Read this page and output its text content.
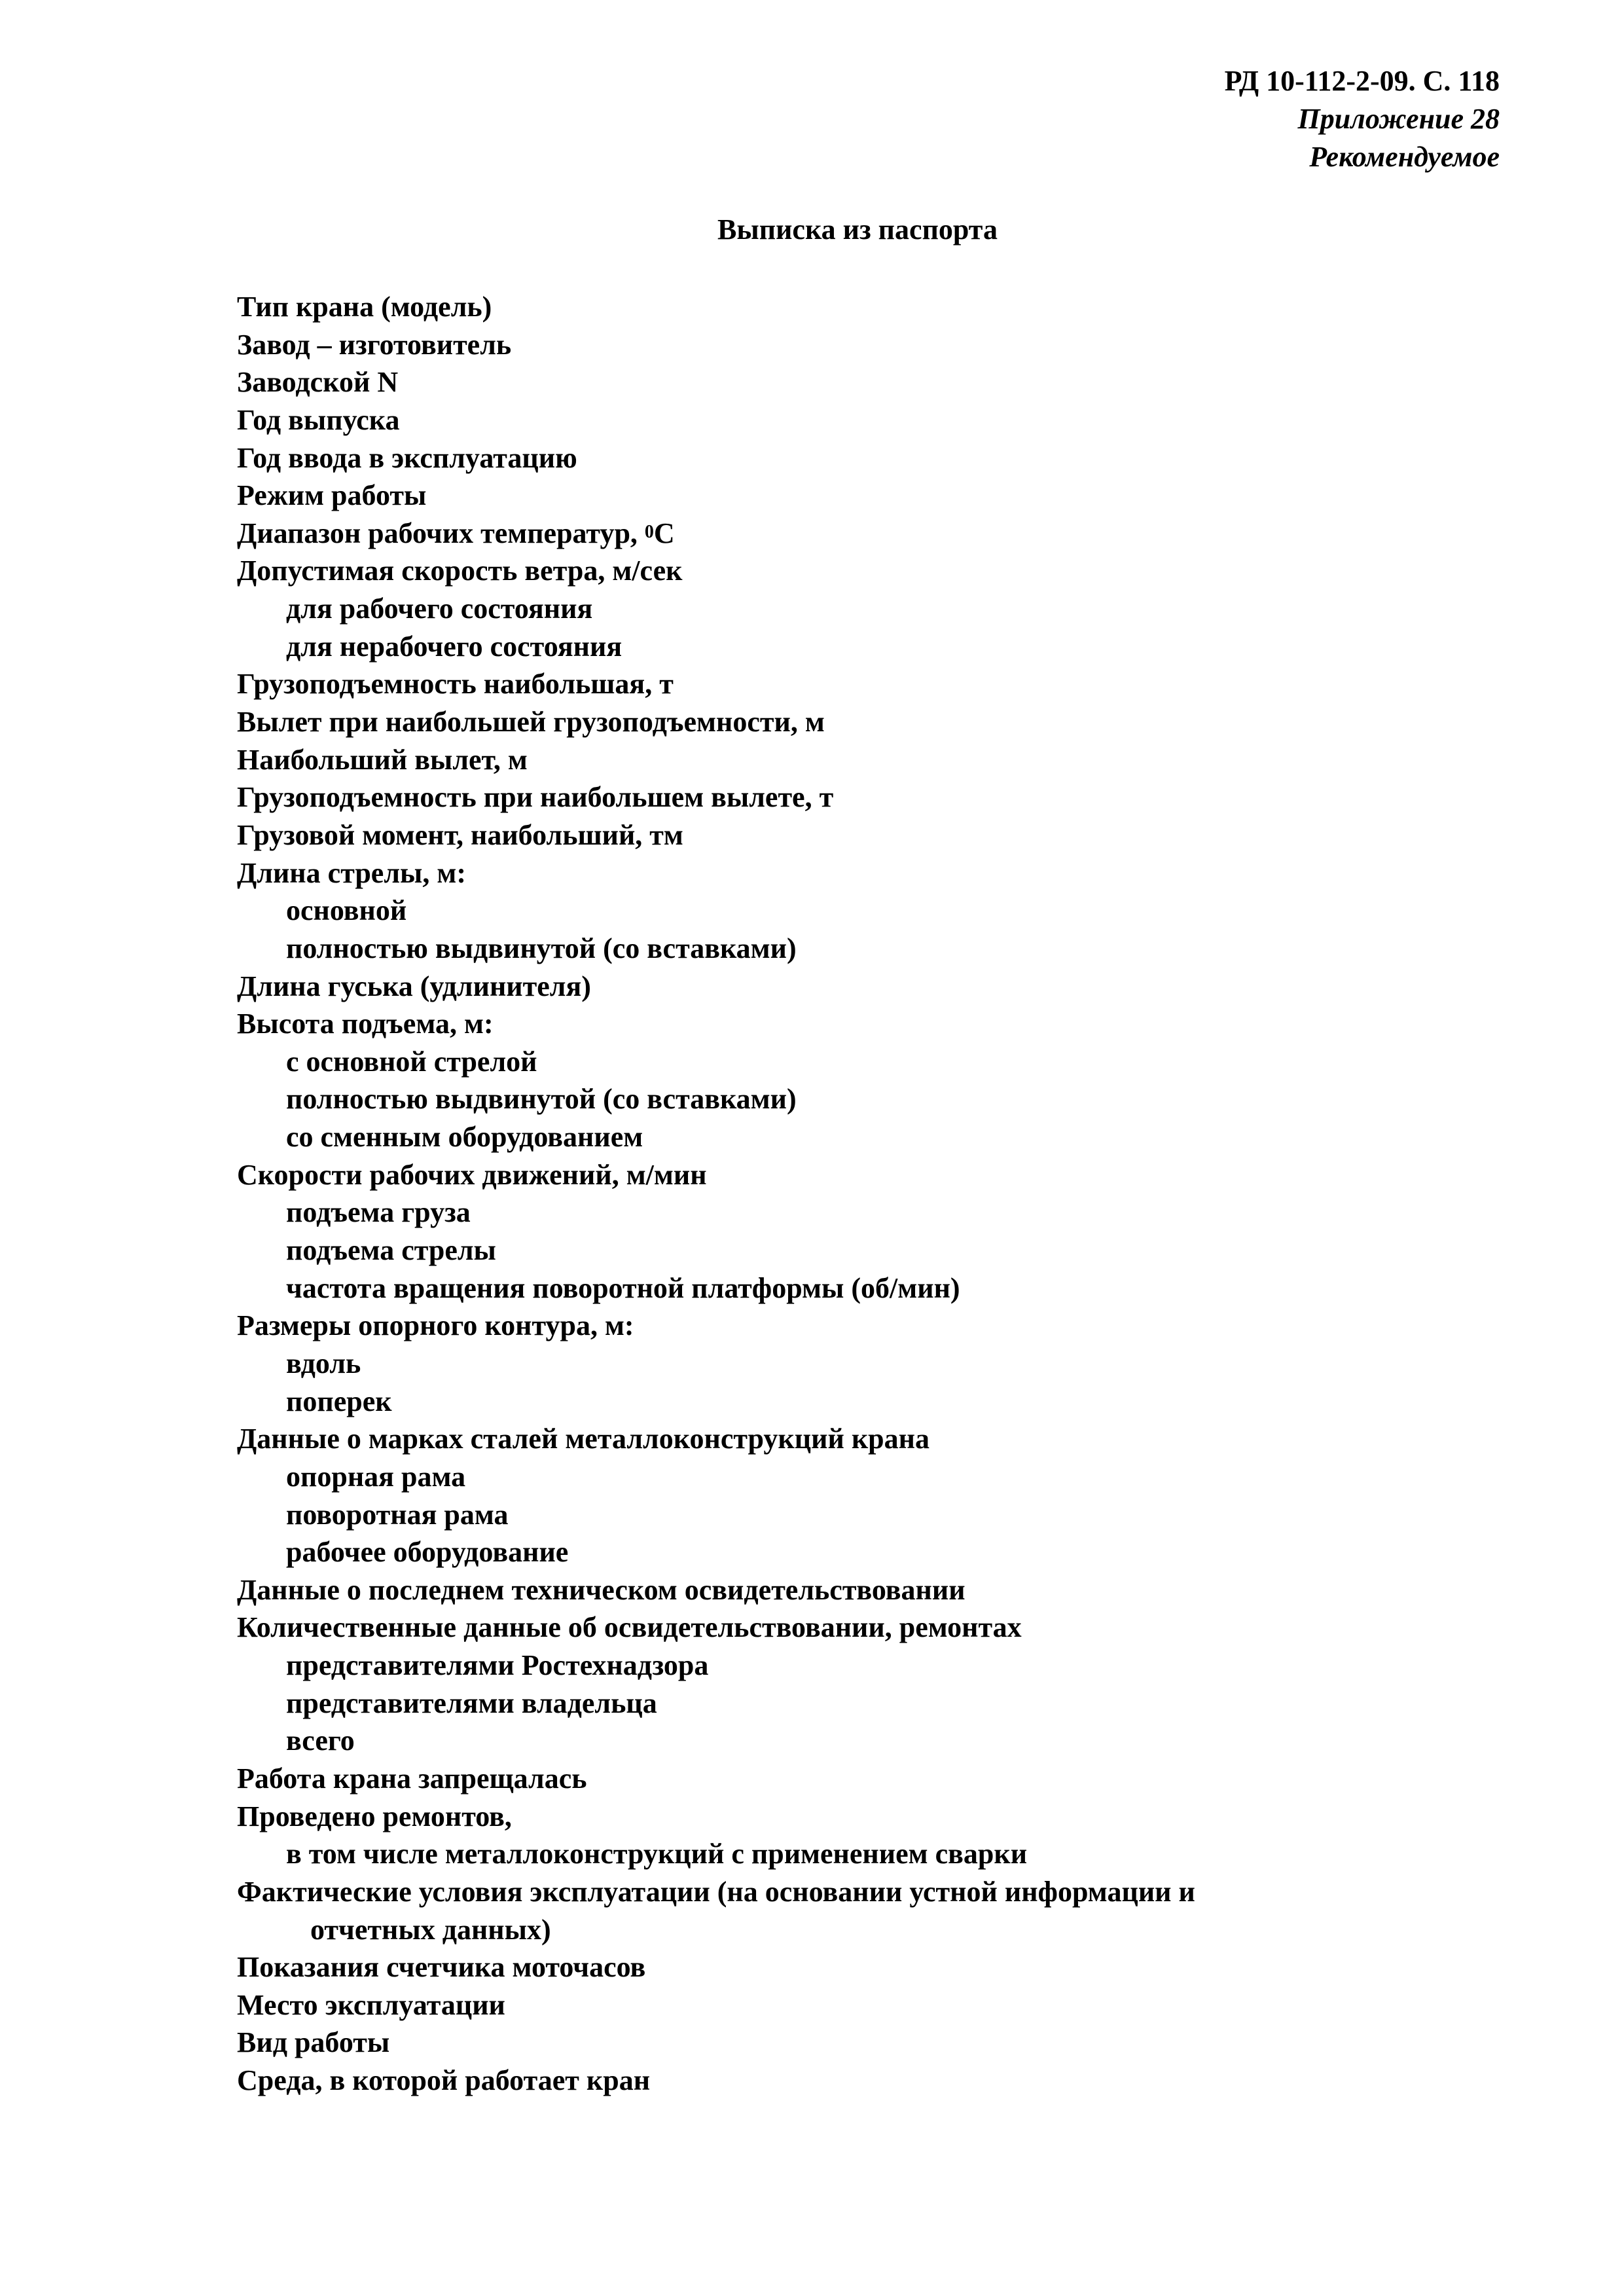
РД 10-112-2-09. С. 118
Приложение 28
Рекомендуемое
Выписка из паспорта
Тип крана (модель)
Завод – изготовитель
Заводской N
Год выпуска
Год ввода в эксплуатацию
Режим работы
Диапазон рабочих температур, $^0$С
Допустимая скорость ветра, м/сек
для рабочего состояния
для нерабочего состояния
Грузоподъемность наибольшая, т
Вылет при наибольшей грузоподъемности, м
Наибольший вылет, м
Грузоподъемность при наибольшем вылете, т
Грузовой момент, наибольший, тм
Длина стрелы, м:
основной
полностью выдвинутой (со вставками)
Длина гуська (удлинителя)
Высота подъема, м:
с основной стрелой
полностью выдвинутой (со вставками)
со сменным оборудованием
Скорости рабочих движений, м/мин
подъема груза
подъема стрелы
частота вращения поворотной платформы (об/мин)
Размеры опорного контура, м:
вдоль
поперек
Данные о марках сталей металлоконструкций крана
опорная рама
поворотная рама
рабочее оборудование
Данные о последнем техническом освидетельствовании
Количественные данные об освидетельствовании, ремонтах
представителями Ростехнадзора
представителями владельца
всего
Работа крана запрещалась
Проведено ремонтов,
в том числе металлоконструкций с применением сварки
Фактические условия эксплуатации (на основании устной информации и
отчетных данных)
Показания счетчика моточасов
Место эксплуатации
Вид работы
Среда, в которой работает кран
